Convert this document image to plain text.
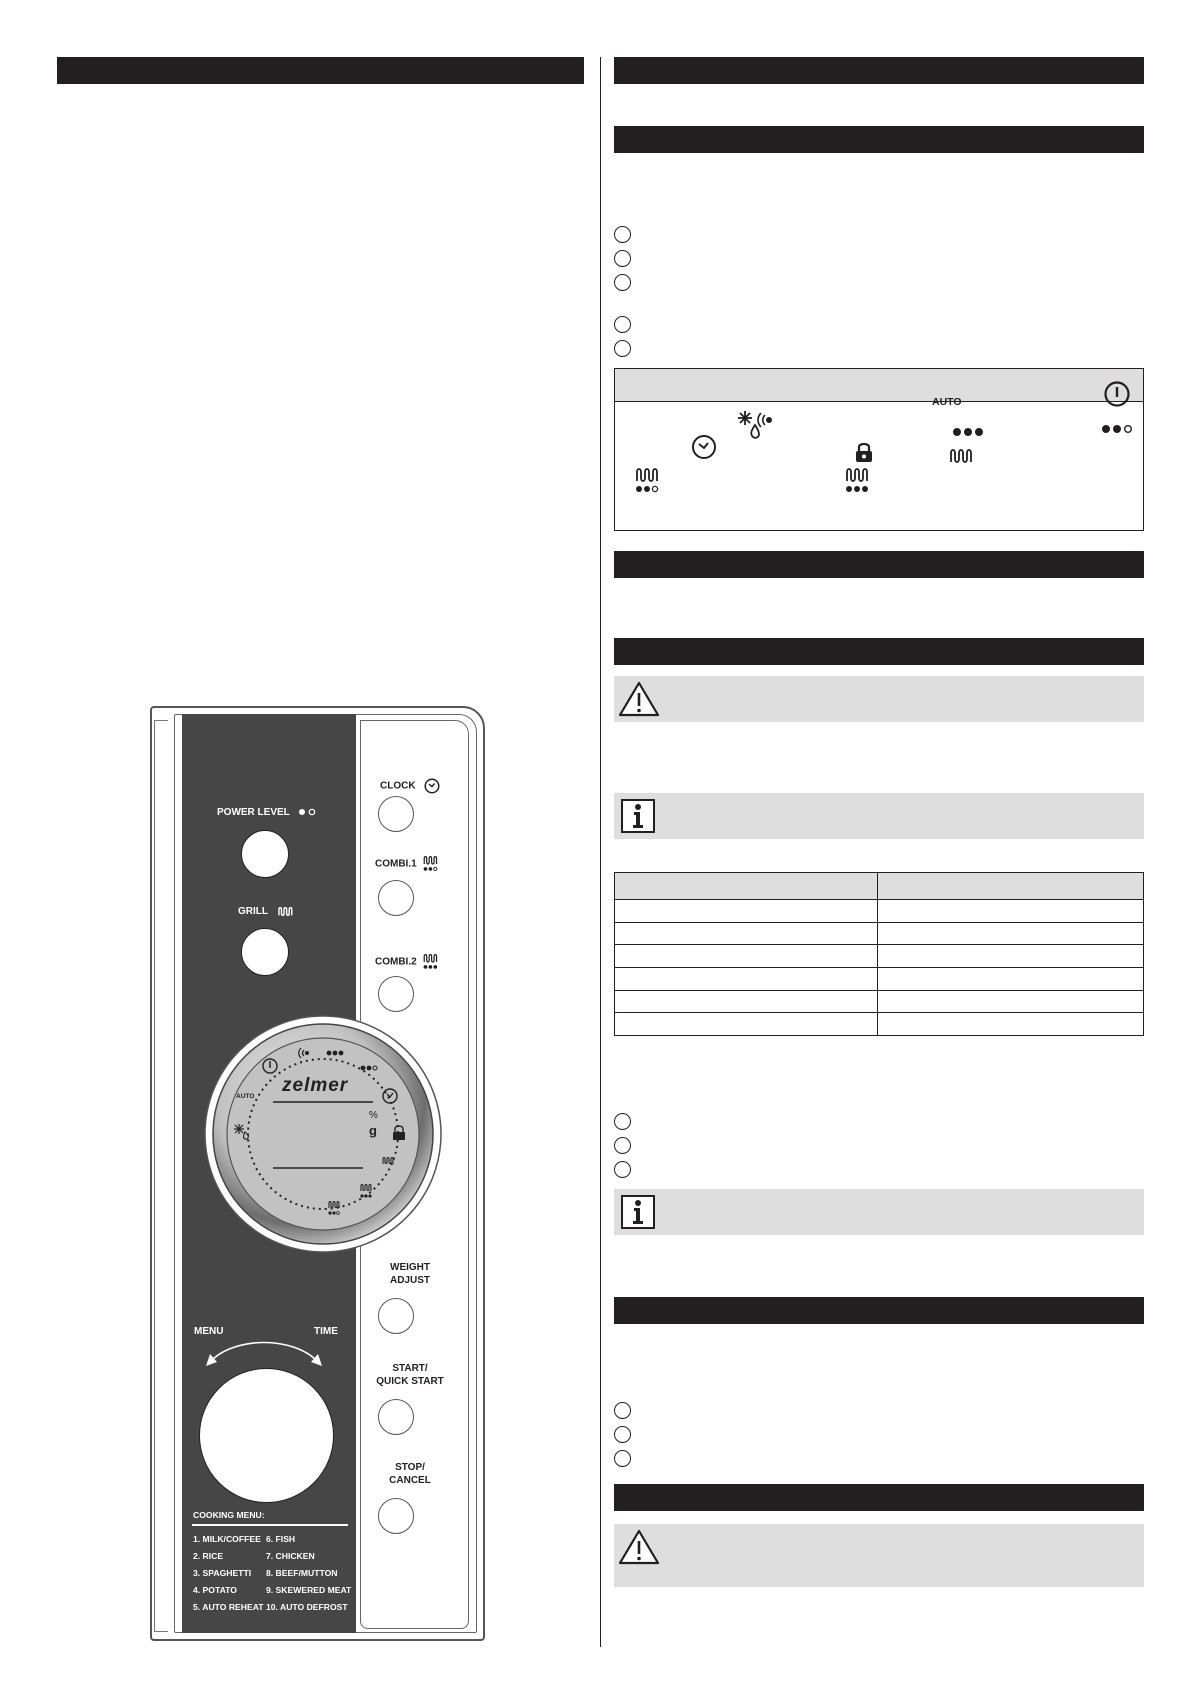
AUTO

POWER LEVEL
GRILL
CLOCK
COMBI.1
COMBI.2
zelmer
AUTO
%
g
WEIGHT
ADJUST
START/
QUICK START
STOP/
CANCEL
MENU	TIME
COOKING MENU:
1. MILK/COFFEE
2. RICE
3. SPAGHETTI
4. POTATO
5. AUTO REHEAT
6. FISH
7. CHICKEN
8. BEEF/MUTTON
9. SKEWERED MEAT
10. AUTO DEFROST
